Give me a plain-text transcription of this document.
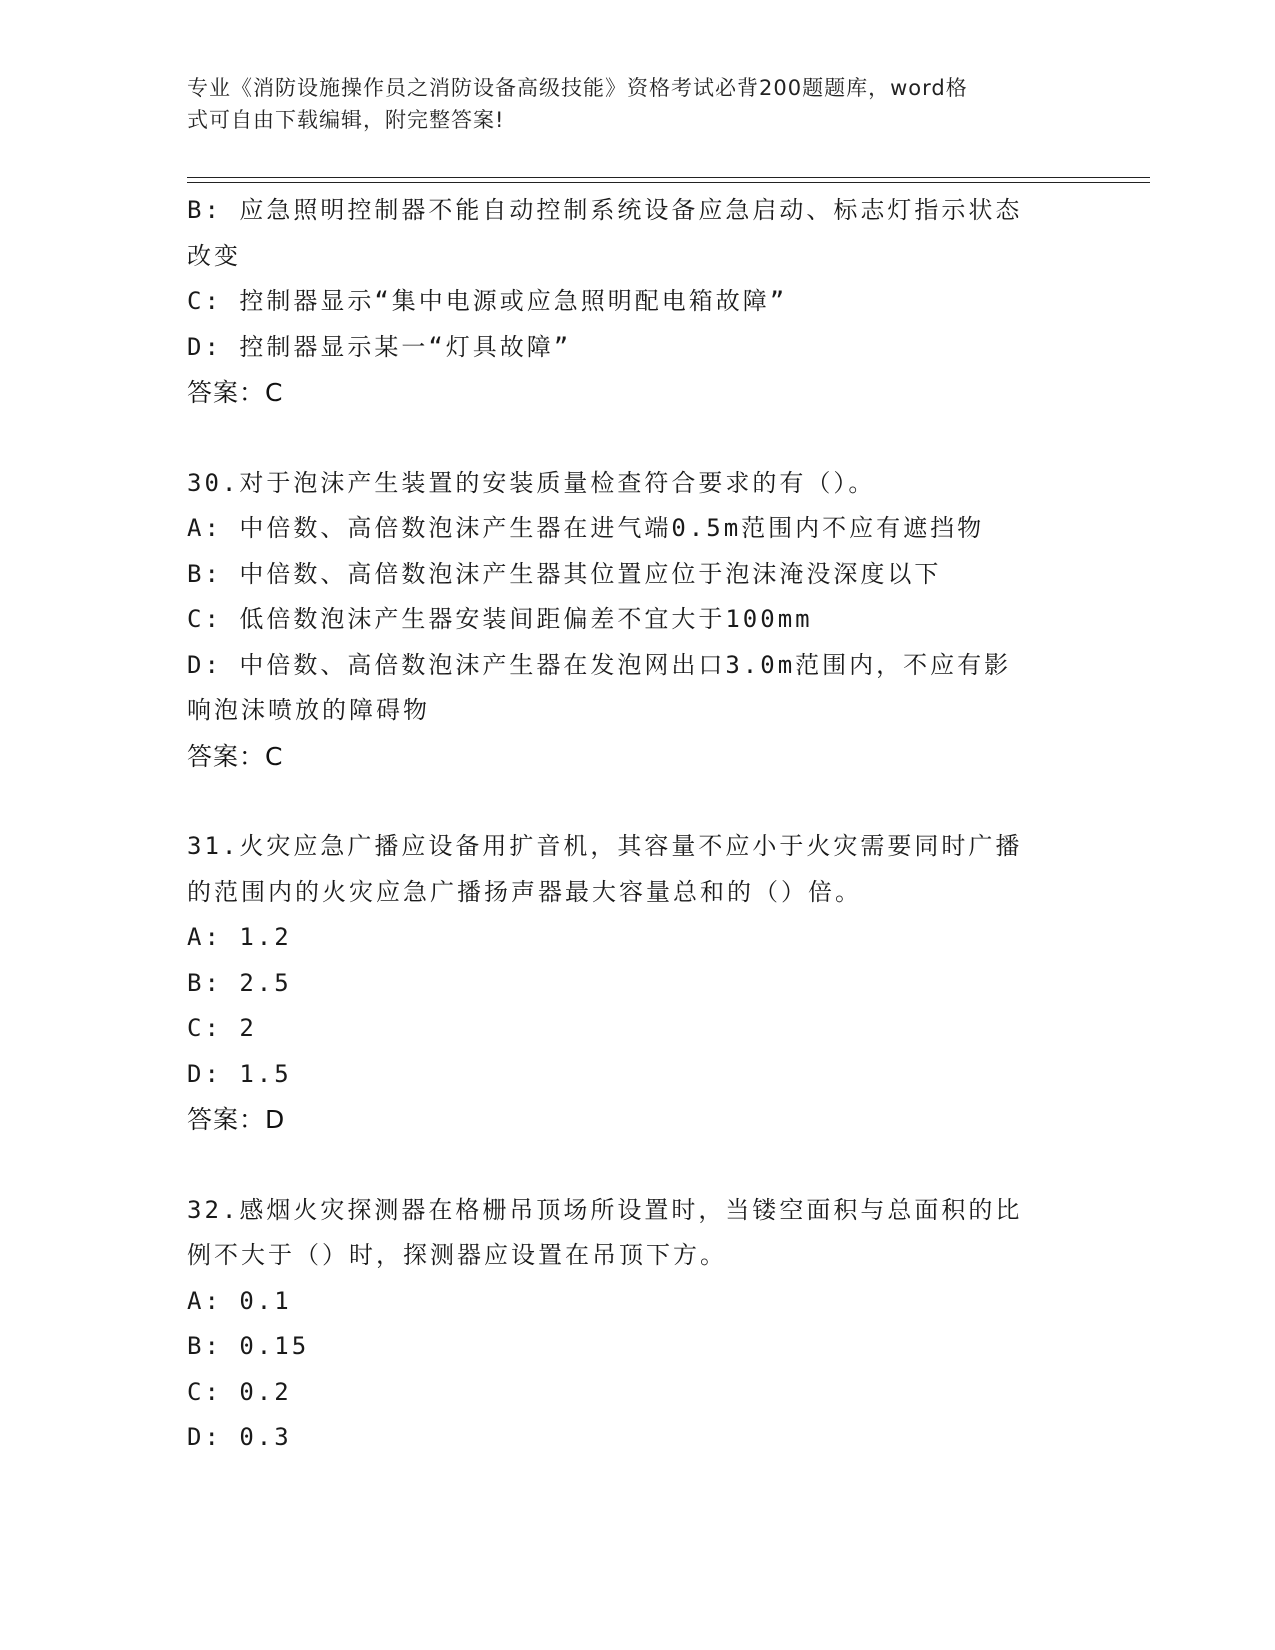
专业《消防设施操作员之消防设备高级技能》资格考试必背200题题库，word格
式可自由下载编辑，附完整答案!
B: 应急照明控制器不能自动控制系统设备应急启动、标志灯指示状态
改变
C: 控制器显示“集中电源或应急照明配电箱故障”
D: 控制器显示某一“灯具故障”
答案：C
30.对于泡沫产生装置的安装质量检查符合要求的有（）。
A: 中倍数、高倍数泡沫产生器在进气端0.5m范围内不应有遮挡物
B: 中倍数、高倍数泡沫产生器其位置应位于泡沫淹没深度以下
C: 低倍数泡沫产生器安装间距偏差不宜大于100mm
D: 中倍数、高倍数泡沫产生器在发泡网出口3.0m范围内，不应有影
响泡沫喷放的障碍物
答案：C
31.火灾应急广播应设备用扩音机，其容量不应小于火灾需要同时广播
的范围内的火灾应急广播扬声器最大容量总和的（）倍。
A: 1.2
B: 2.5
C: 2
D: 1.5
答案：D
32.感烟火灾探测器在格栅吊顶场所设置时，当镂空面积与总面积的比
例不大于（）时，探测器应设置在吊顶下方。
A: 0.1
B: 0.15
C: 0.2
D: 0.3
